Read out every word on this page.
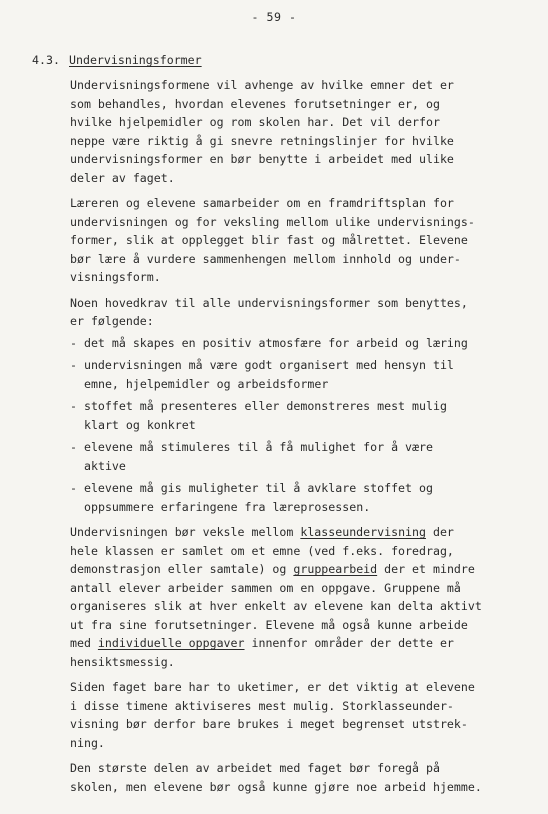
- 59 -
4.3. Undervisningsformer
Undervisningsformene vil avhenge av hvilke emner det er
som behandles, hvordan elevenes forutsetninger er, og
hvilke hjelpemidler og rom skolen har. Det vil derfor
neppe være riktig å gi snevre retningslinjer for hvilke
undervisningsformer en bør benytte i arbeidet med ulike
deler av faget.
Læreren og elevene samarbeider om en framdriftsplan for
undervisningen og for veksling mellom ulike undervisnings-
former, slik at opplegget blir fast og målrettet. Elevene
bør lære å vurdere sammenhengen mellom innhold og under-
visningsform.
Noen hovedkrav til alle undervisningsformer som benyttes,
er følgende:
- det må skapes en positiv atmosfære for arbeid og læring
- undervisningen må være godt organisert med hensyn til
emne, hjelpemidler og arbeidsformer
- stoffet må presenteres eller demonstreres mest mulig
klart og konkret
- elevene må stimuleres til å få mulighet for å være
aktive
- elevene må gis muligheter til å avklare stoffet og
oppsummere erfaringene fra læreprosessen.
Undervisningen bør veksle mellom klasseundervisning der
hele klassen er samlet om et emne (ved f.eks. foredrag,
demonstrasjon eller samtale) og gruppearbeid der et mindre
antall elever arbeider sammen om en oppgave. Gruppene må
organiseres slik at hver enkelt av elevene kan delta aktivt
ut fra sine forutsetninger. Elevene må også kunne arbeide
med individuelle oppgaver innenfor områder der dette er
hensiktsmessig.
Siden faget bare har to uketimer, er det viktig at elevene
i disse timene aktiviseres mest mulig. Storklasseunder-
visning bør derfor bare brukes i meget begrenset utstrek-
ning.
Den største delen av arbeidet med faget bør foregå på
skolen, men elevene bør også kunne gjøre noe arbeid hjemme.
